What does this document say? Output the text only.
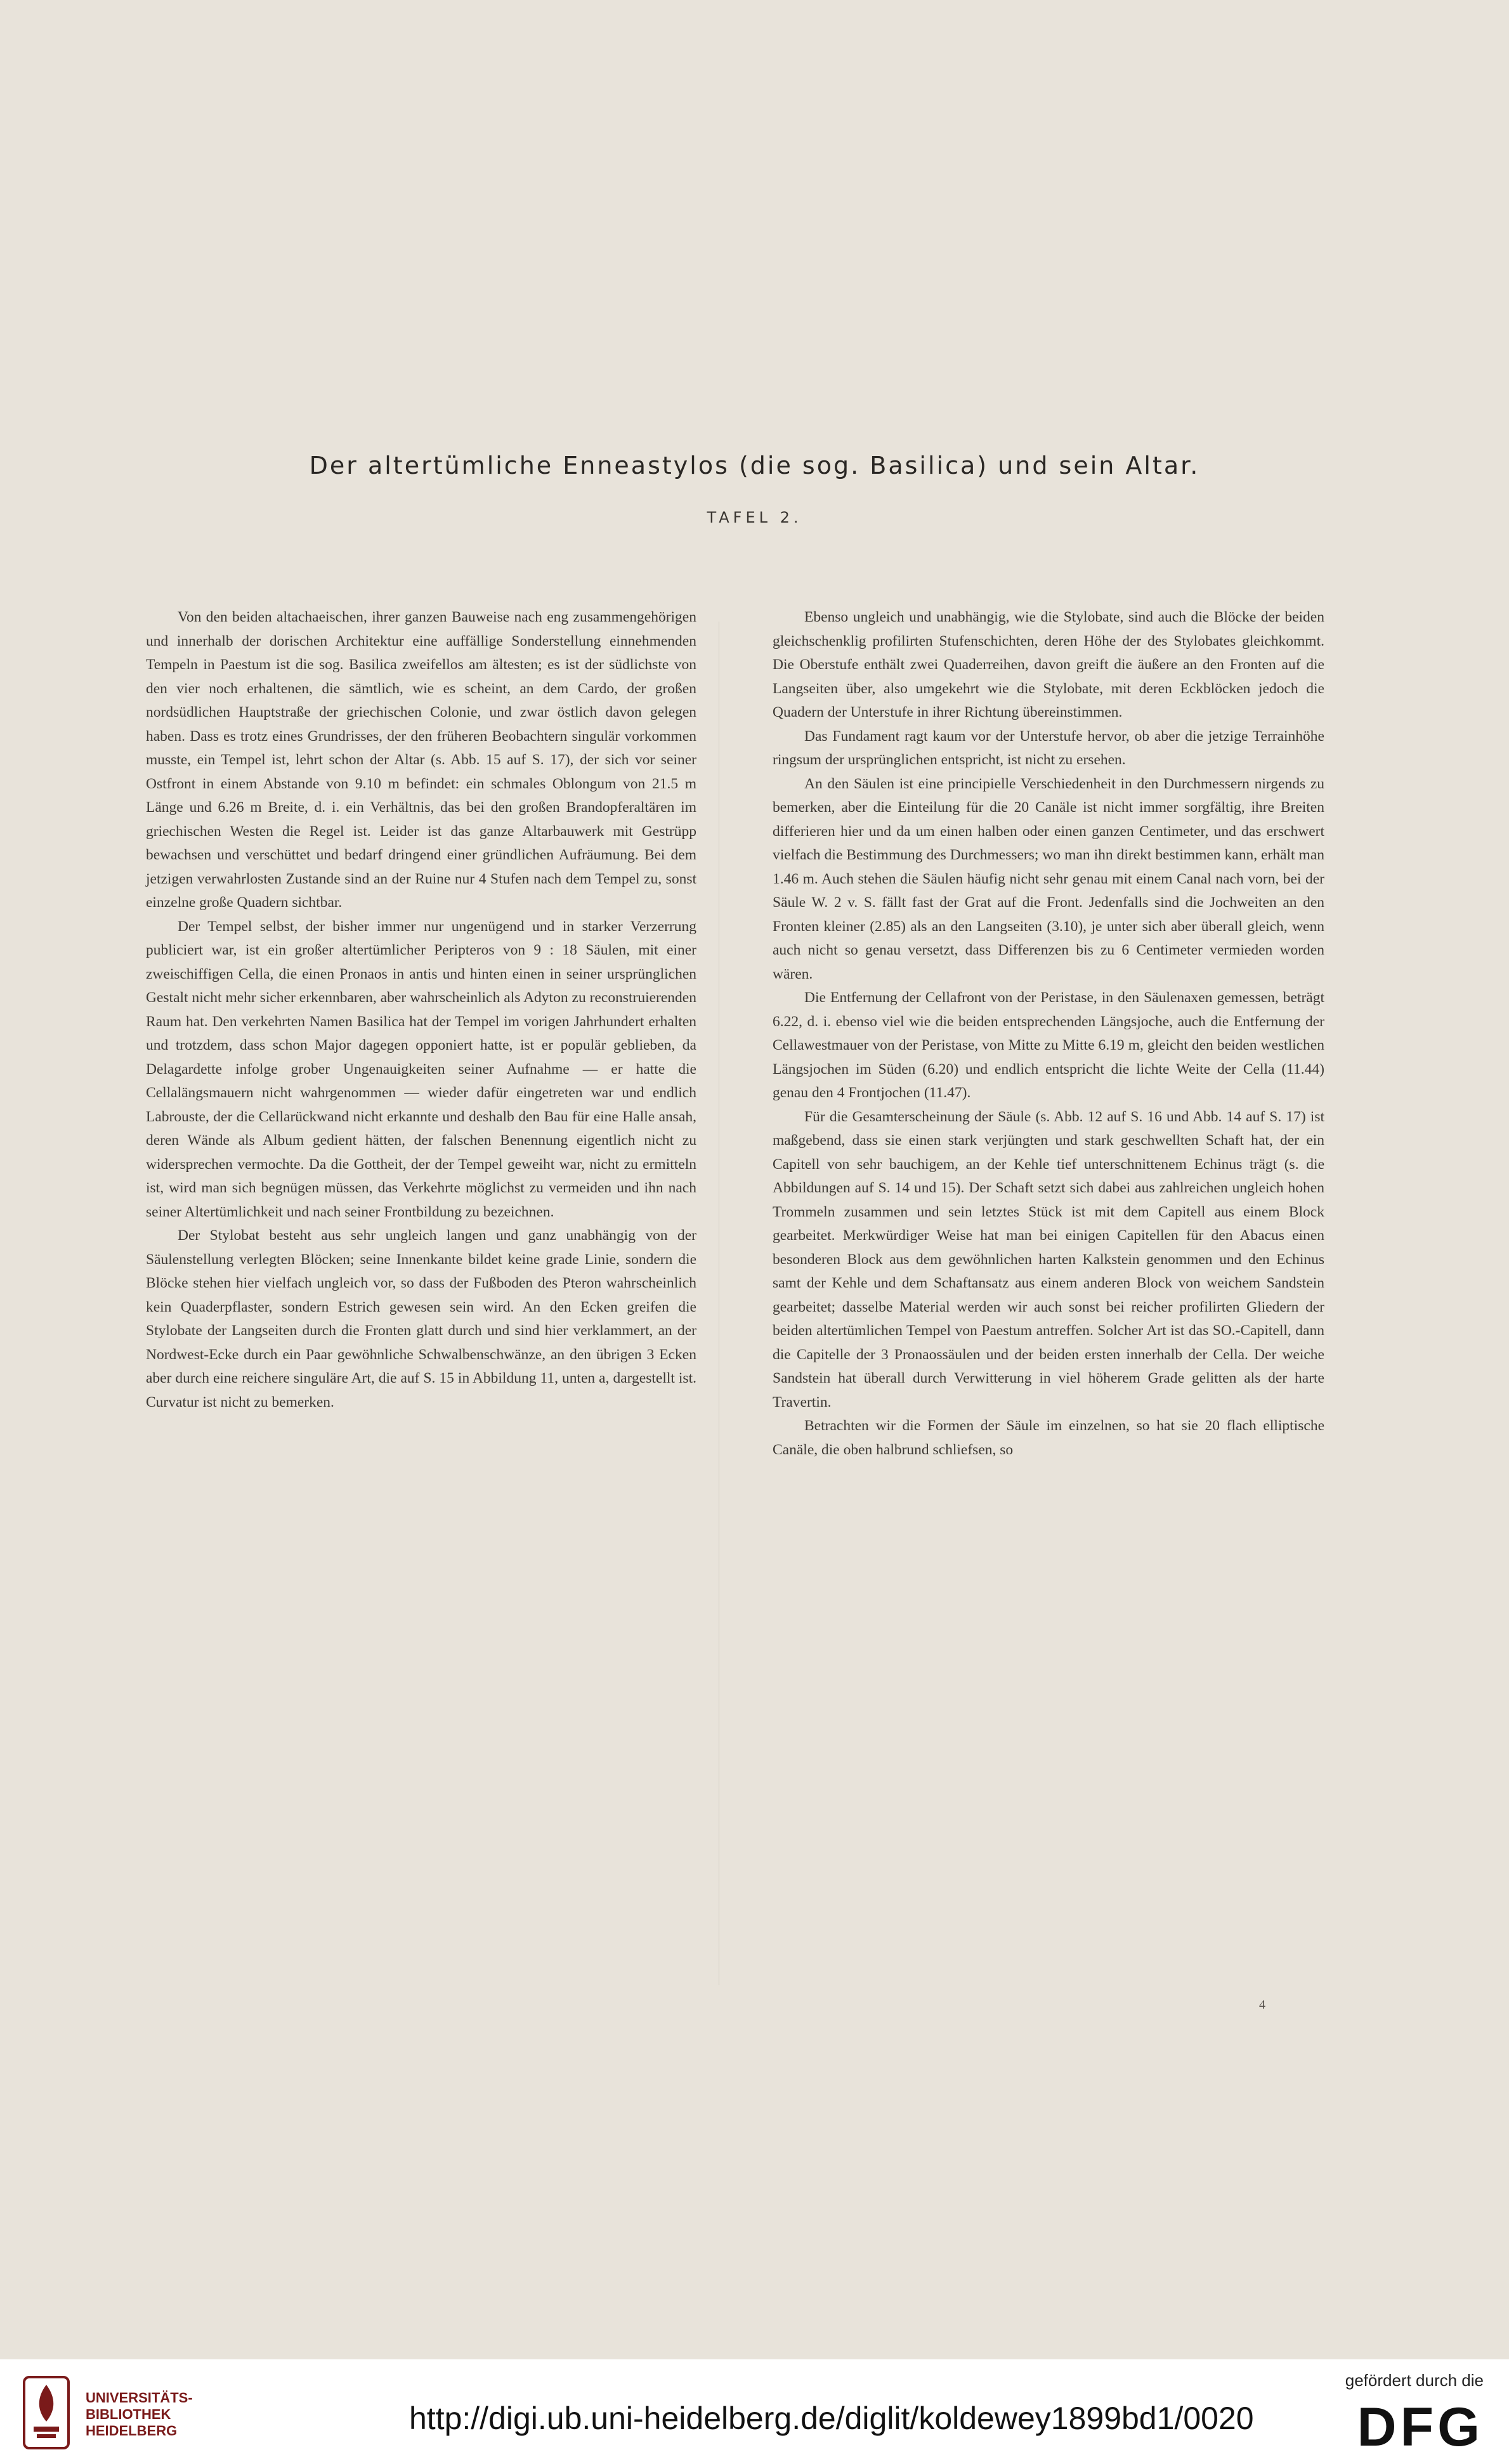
Der altertümliche Enneastylos (die sog. Basilica) und sein Altar.
TAFEL 2.

Von den beiden altachaeischen, ihrer ganzen Bauweise nach eng zusammengehörigen und innerhalb der dorischen Architektur eine auffällige Sonderstellung einnehmenden Tempeln in Paestum ist die sog. Basilica zweifellos am ältesten; es ist der südlichste von den vier noch erhaltenen, die sämtlich, wie es scheint, an dem Cardo, der großen nordsüdlichen Hauptstraße der griechischen Colonie, und zwar östlich davon gelegen haben. Dass es trotz eines Grundrisses, der den früheren Beobachtern singulär vorkommen musste, ein Tempel ist, lehrt schon der Altar (s. Abb. 15 auf S. 17), der sich vor seiner Ostfront in einem Abstande von 9.10 m befindet: ein schmales Oblongum von 21.5 m Länge und 6.26 m Breite, d. i. ein Verhältnis, das bei den großen Brandopferaltären im griechischen Westen die Regel ist. Leider ist das ganze Altarbauwerk mit Gestrüpp bewachsen und verschüttet und bedarf dringend einer gründlichen Aufräumung. Bei dem jetzigen verwahrlosten Zustande sind an der Ruine nur 4 Stufen nach dem Tempel zu, sonst einzelne große Quadern sichtbar.

Der Tempel selbst, der bisher immer nur ungenügend und in starker Verzerrung publiciert war, ist ein großer altertümlicher Peripteros von 9 : 18 Säulen, mit einer zweischiffigen Cella, die einen Pronaos in antis und hinten einen in seiner ursprünglichen Gestalt nicht mehr sicher erkennbaren, aber wahrscheinlich als Adyton zu reconstruierenden Raum hat. Den verkehrten Namen Basilica hat der Tempel im vorigen Jahrhundert erhalten und trotzdem, dass schon Major dagegen opponiert hatte, ist er populär geblieben, da Delagardette infolge grober Ungenauigkeiten seiner Aufnahme — er hatte die Cellalängsmauern nicht wahrgenommen — wieder dafür eingetreten war und endlich Labrouste, der die Cellarückwand nicht erkannte und deshalb den Bau für eine Halle ansah, deren Wände als Album gedient hätten, der falschen Benennung eigentlich nicht zu widersprechen vermochte. Da die Gottheit, der der Tempel geweiht war, nicht zu ermitteln ist, wird man sich begnügen müssen, das Verkehrte möglichst zu vermeiden und ihn nach seiner Altertümlichkeit und nach seiner Frontbildung zu bezeichnen.

Der Stylobat besteht aus sehr ungleich langen und ganz unabhängig von der Säulenstellung verlegten Blöcken; seine Innenkante bildet keine grade Linie, sondern die Blöcke stehen hier vielfach ungleich vor, so dass der Fußboden des Pteron wahrscheinlich kein Quaderpflaster, sondern Estrich gewesen sein wird. An den Ecken greifen die Stylobate der Langseiten durch die Fronten glatt durch und sind hier verklammert, an der Nordwest-Ecke durch ein Paar gewöhnliche Schwalbenschwänze, an den übrigen 3 Ecken aber durch eine reichere singuläre Art, die auf S. 15 in Abbildung 11, unten a, dargestellt ist. Curvatur ist nicht zu bemerken.

Ebenso ungleich und unabhängig, wie die Stylobate, sind auch die Blöcke der beiden gleichschenklig profilirten Stufenschichten, deren Höhe der des Stylobates gleichkommt. Die Oberstufe enthält zwei Quaderreihen, davon greift die äußere an den Fronten auf die Langseiten über, also umgekehrt wie die Stylobate, mit deren Eckblöcken jedoch die Quadern der Unterstufe in ihrer Richtung übereinstimmen.

Das Fundament ragt kaum vor der Unterstufe hervor, ob aber die jetzige Terrainhöhe ringsum der ursprünglichen entspricht, ist nicht zu ersehen.

An den Säulen ist eine principielle Verschiedenheit in den Durchmessern nirgends zu bemerken, aber die Einteilung für die 20 Canäle ist nicht immer sorgfältig, ihre Breiten differieren hier und da um einen halben oder einen ganzen Centimeter, und das erschwert vielfach die Bestimmung des Durchmessers; wo man ihn direkt bestimmen kann, erhält man 1.46 m. Auch stehen die Säulen häufig nicht sehr genau mit einem Canal nach vorn, bei der Säule W. 2 v. S. fällt fast der Grat auf die Front. Jedenfalls sind die Jochweiten an den Fronten kleiner (2.85) als an den Langseiten (3.10), je unter sich aber überall gleich, wenn auch nicht so genau versetzt, dass Differenzen bis zu 6 Centimeter vermieden worden wären.

Die Entfernung der Cellafront von der Peristase, in den Säulenaxen gemessen, beträgt 6.22, d. i. ebenso viel wie die beiden entsprechenden Längsjoche, auch die Entfernung der Cellawestmauer von der Peristase, von Mitte zu Mitte 6.19 m, gleicht den beiden westlichen Längsjochen im Süden (6.20) und endlich entspricht die lichte Weite der Cella (11.44) genau den 4 Frontjochen (11.47).

Für die Gesamterscheinung der Säule (s. Abb. 12 auf S. 16 und Abb. 14 auf S. 17) ist maßgebend, dass sie einen stark verjüngten und stark geschwellten Schaft hat, der ein Capitell von sehr bauchigem, an der Kehle tief unterschnittenem Echinus trägt (s. die Abbildungen auf S. 14 und 15). Der Schaft setzt sich dabei aus zahlreichen ungleich hohen Trommeln zusammen und sein letztes Stück ist mit dem Capitell aus einem Block gearbeitet. Merkwürdiger Weise hat man bei einigen Capitellen für den Abacus einen besonderen Block aus dem gewöhnlichen harten Kalkstein genommen und den Echinus samt der Kehle und dem Schaftansatz aus einem anderen Block von weichem Sandstein gearbeitet; dasselbe Material werden wir auch sonst bei reicher profilirten Gliedern der beiden altertümlichen Tempel von Paestum antreffen. Solcher Art ist das SO.-Capitell, dann die Capitelle der 3 Pronaossäulen und der beiden ersten innerhalb der Cella. Der weiche Sandstein hat überall durch Verwitterung in viel höherem Grade gelitten als der harte Travertin.

Betrachten wir die Formen der Säule im einzelnen, so hat sie 20 flach elliptische Canäle, die oben halbrund schliefsen, so

4
UNIVERSITÄTS-
BIBLIOTHEK
HEIDELBERG	http://digi.ub.uni-heidelberg.de/diglit/koldewey1899bd1/0020
gefördert durch die
DFG
